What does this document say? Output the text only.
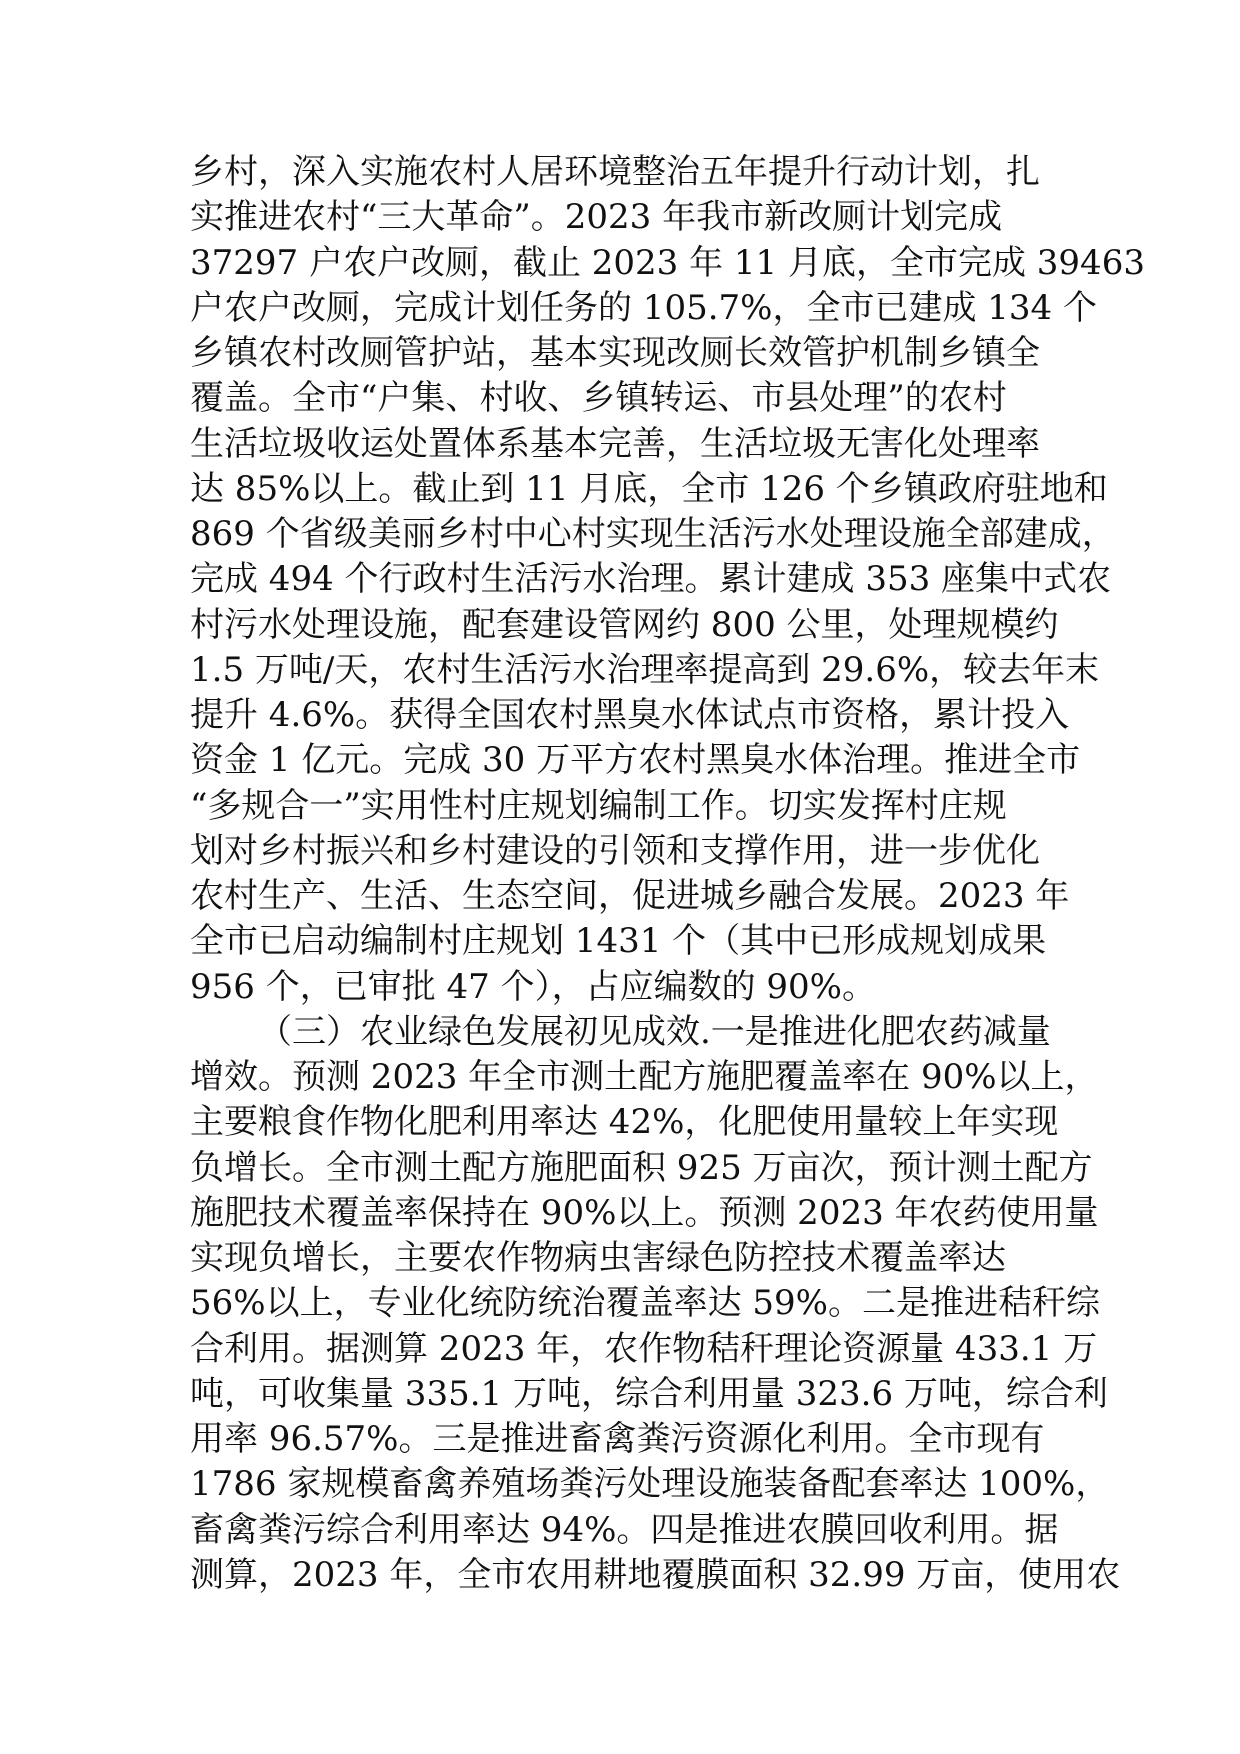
乡村，深入实施农村人居环境整治五年提升行动计划，扎
实推进农村“三大革命”。2023 年我市新改厕计划完成
37297 户农户改厕，截止 2023 年 11 月底，全市完成 39463
户农户改厕，完成计划任务的 105.7%，全市已建成 134 个
乡镇农村改厕管护站，基本实现改厕长效管护机制乡镇全
覆盖。全市“户集、村收、乡镇转运、市县处理”的农村
生活垃圾收运处置体系基本完善，生活垃圾无害化处理率
达 85%以上。截止到 11 月底，全市 126 个乡镇政府驻地和
869 个省级美丽乡村中心村实现生活污水处理设施全部建成，
完成 494 个行政村生活污水治理。累计建成 353 座集中式农
村污水处理设施，配套建设管网约 800 公里，处理规模约
1.5 万吨/天，农村生活污水治理率提高到 29.6%，较去年末
提升 4.6%。获得全国农村黑臭水体试点市资格，累计投入
资金 1 亿元。完成 30 万平方农村黑臭水体治理。推进全市
“多规合一”实用性村庄规划编制工作。切实发挥村庄规
划对乡村振兴和乡村建设的引领和支撑作用，进一步优化
农村生产、生活、生态空间，促进城乡融合发展。2023 年
全市已启动编制村庄规划 1431 个（其中已形成规划成果
956 个，已审批 47 个），占应编数的 90%。
（三）农业绿色发展初见成效.一是推进化肥农药减量
增效。预测 2023 年全市测土配方施肥覆盖率在 90%以上，
主要粮食作物化肥利用率达 42%，化肥使用量较上年实现
负增长。全市测土配方施肥面积 925 万亩次，预计测土配方
施肥技术覆盖率保持在 90%以上。预测 2023 年农药使用量
实现负增长，主要农作物病虫害绿色防控技术覆盖率达
56%以上，专业化统防统治覆盖率达 59%。二是推进秸秆综
合利用。据测算 2023 年，农作物秸秆理论资源量 433.1 万
吨，可收集量 335.1 万吨，综合利用量 323.6 万吨，综合利
用率 96.57%。三是推进畜禽粪污资源化利用。全市现有
1786 家规模畜禽养殖场粪污处理设施装备配套率达 100%，
畜禽粪污综合利用率达 94%。四是推进农膜回收利用。据
测算，2023 年，全市农用耕地覆膜面积 32.99 万亩，使用农
